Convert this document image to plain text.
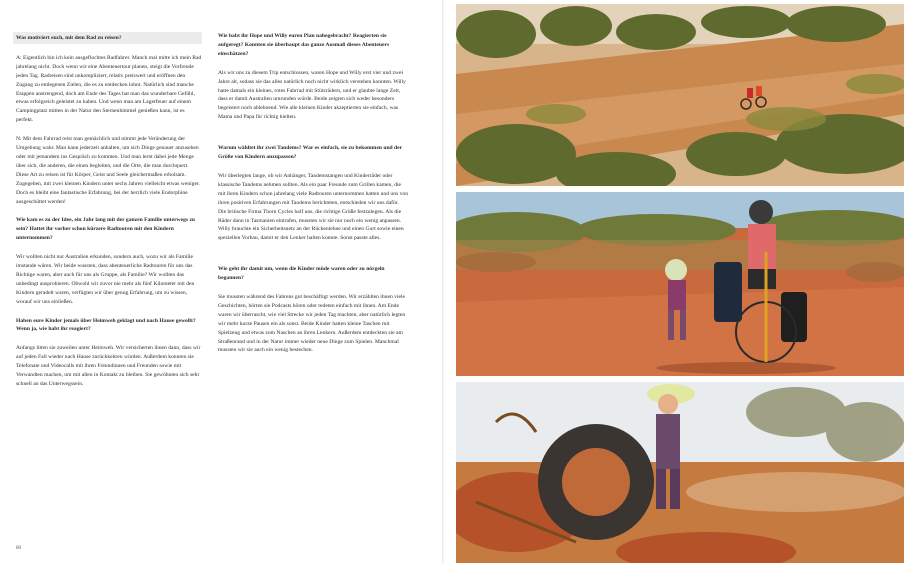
Was motiviert euch, mit dem Rad zu reisen?

A: Eigentlich bin ich kein ausgeflochtes Radfahrer. Manch mal mitte ich mein Rad jahrelang nicht. Doch wenn wir eine Abenteuertour planen, steigt die Vorfreude jeden Tag. Radreisen sind unkompliziert, relativ preiswert und eröffnen den Zugang zu entlegenen Zielen, die es zu entdecken lohnt. Natürlich sind manche Etappen anstrengend, doch am Ende des Tages hat man das wunderbare Gefühl, etwas erfolgreich geleistet zu haben. Und wenn man am Lagerfeuer auf einem Campingplatz mitten in der Natur den Sternenhimmel genießen kann, ist es perfekt.

N: Mit dem Fahrrad reist man gemächlich und nimmt jede Veränderung der Umgebung wahr. Man kann jederzeit anhalten, um sich Dinge genauer anzusehen oder mit jemandem ins Gespräch zu kommen. Und man lernt dabei jede Menge über sich, die anderen, die einen begleiten, und die Orte, die man durchquert. Diese Art zu reisen ist für Körper, Geist und Seele gleichermaßen erholsam. Zugegeben, mit zwei kleinen Kindern unter sechs Jahren vielleicht etwas weniger. Doch es bleibt eine fantastische Erfahrung, bei der herrlich viele Endorphine ausgeschüttet werden!

Wie kam es zu der Idee, ein Jahr lang mit der ganzen Familie unterwegs zu sein? Hattet ihr vorher schon kürzere Radtouren mit den Kindern unternommen?

Wir wollten nicht nur Australien erkunden, sondern auch, wozu wir als Familie imstande wären. Wir beide wussten, dass abenteuerliche Radtouren für uns das Richtige waren, aber auch für uns als Gruppe, als Familie? Wir wollten das unbedingt ausprobieren. Obwohl wir zuvor nie mehr als fünf Kilometer mit den Kindern geradelt waren, verfügten wir über genug Erfahrung, um zu wissen, worauf wir uns einließen.

Haben eure Kinder jemals über Heimweh geklagt und nach Hause gewollt? Wenn ja, wie habt ihr reagiert?

Anfangs litten sie zuweilen unter Heimweh. Wir versicherten ihnen dann, dass wir auf jeden Fall wieder nach Hause zurückkehren würden. Außerdem konnten sie Telefonate und Videocalls mit ihren Freundinnen und Freunden sowie mit Verwandten machen, um mit allen in Kontakt zu bleiben. Sie gewöhnten sich sehr schnell an das Unterwegssein.

Wie habt ihr Hope und Willy euren Plan nahegebracht? Reagierten sie aufgeregt? Konnten sie überhaupt das ganze Ausmaß dieses Abenteuers einschätzen?

Als wir uns zu diesem Trip entschlossen, waren Hope und Willy erst vier und zwei Jahre alt, sodass sie das alles natürlich noch nicht wirklich verstehen konnten. Willy hatte damals ein kleines, rotes Fahrrad mit Stützrädern, und er glaubte lange Zeit, dass er damit Australien umrunden würde. Beide zeigten sich weder besonders begeistert noch ablehnend. Wie alle kleinen Kinder akzeptierten sie einfach, was Mama und Papa für richtig hielten.

Warum wähltet ihr zwei Tandems? War es einfach, sie zu bekommen und der Größe von Kindern anzupassen?

Wir überlegten lange, ob wir Anhänger, Tandemstangen und Kinderräder oder klassische Tandems nehmen sollten. Als ein paar Freunde zum Grillen kamen, die mit ihren Kindern schon jahrelang viele Radtouren unternommen hatten und uns von ihren positiven Erfahrungen mit Tandems berichteten, entschieden wir uns dafür. Die britische Firma Thorn Cycles half uns, die richtige Größe festzulegen. Als die Räder dann in Tasmanien eintrafen, mussten wir sie nur noch ein wenig anpassen. Willy brauchte ein Sicherheitsnetz an der Rückenlehne und einen Gurt sowie einen speziellen Vorbau, damit er den Lenker halten konnte. Sonst passte alles.

Wie geht ihr damit um, wenn die Kinder müde waren oder zu nörgeln begannen?

Sie mussten während des Fahrens gut beschäftigt werden. Wir erzählten ihnen viele Geschichten, hörten sie Podcasts hören oder redeten einfach mit ihnen. Am Ende waren wir überrascht, wie viel Strecke wir jeden Tag machten, aber natürlich legten wir mehr kurze Pausen ein als sonst. Beide Kinder hatten kleine Taschen mit Spielzeug und etwas zum Naschen an ihren Lenkern. Außerdem entdeckten sie am Straßenrand und in der Natur immer wieder neue Dinge zum Spielen. Manchmal mussten wir sie auch ein wenig bestechen.

80
